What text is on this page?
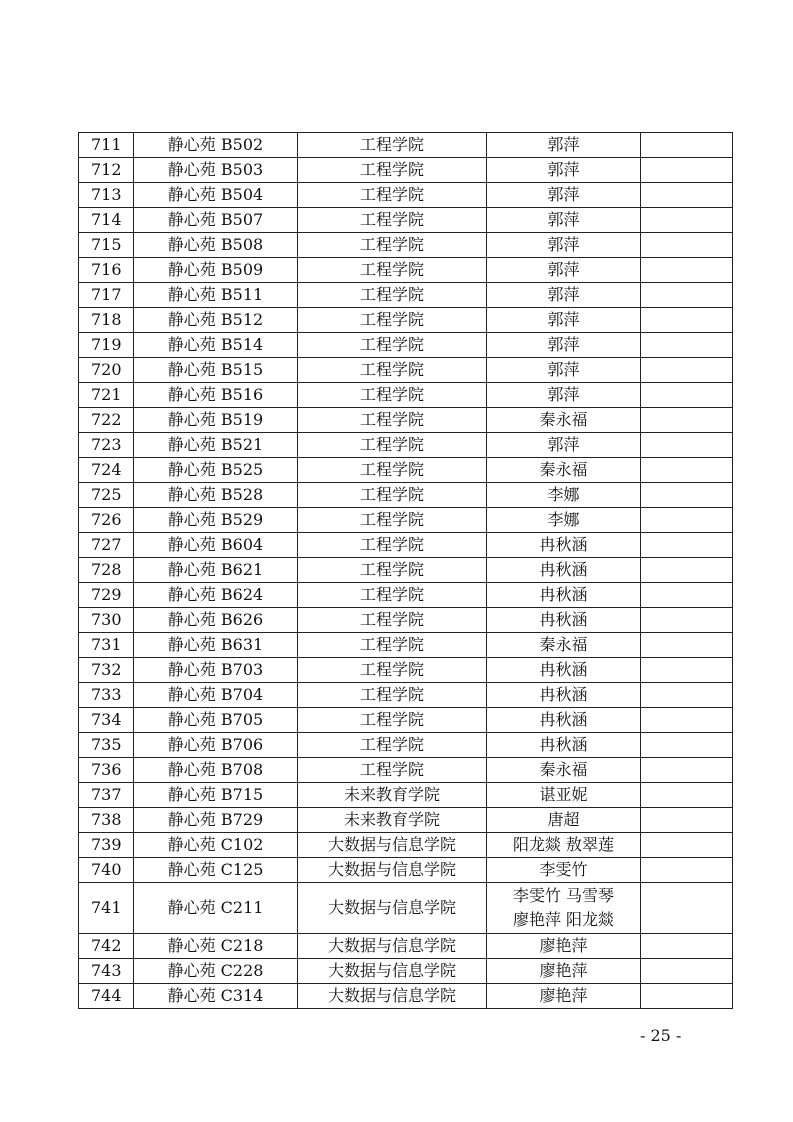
711	静心苑 B502	工程学院	郭萍	

712	静心苑 B503	工程学院	郭萍	

713	静心苑 B504	工程学院	郭萍	

714	静心苑 B507	工程学院	郭萍	

715	静心苑 B508	工程学院	郭萍	

716	静心苑 B509	工程学院	郭萍	

717	静心苑 B511	工程学院	郭萍	

718	静心苑 B512	工程学院	郭萍	

719	静心苑 B514	工程学院	郭萍	

720	静心苑 B515	工程学院	郭萍	

721	静心苑 B516	工程学院	郭萍	

722	静心苑 B519	工程学院	秦永福	

723	静心苑 B521	工程学院	郭萍	

724	静心苑 B525	工程学院	秦永福	

725	静心苑 B528	工程学院	李娜	

726	静心苑 B529	工程学院	李娜	

727	静心苑 B604	工程学院	冉秋涵	

728	静心苑 B621	工程学院	冉秋涵	

729	静心苑 B624	工程学院	冉秋涵	

730	静心苑 B626	工程学院	冉秋涵	

731	静心苑 B631	工程学院	秦永福	

732	静心苑 B703	工程学院	冉秋涵	

733	静心苑 B704	工程学院	冉秋涵	

734	静心苑 B705	工程学院	冉秋涵	

735	静心苑 B706	工程学院	冉秋涵	

736	静心苑 B708	工程学院	秦永福	

737	静心苑 B715	未来教育学院	谌亚妮	

738	静心苑 B729	未来教育学院	唐超	

739	静心苑 C102	大数据与信息学院	阳龙燚 敖翠莲	

740	静心苑 C125	大数据与信息学院	李雯竹	

741	静心苑 C211	大数据与信息学院	李雯竹 马雪琴
廖艳萍 阳龙燚	

742	静心苑 C218	大数据与信息学院	廖艳萍	

743	静心苑 C228	大数据与信息学院	廖艳萍	

744	静心苑 C314	大数据与信息学院	廖艳萍	

- 25 -
